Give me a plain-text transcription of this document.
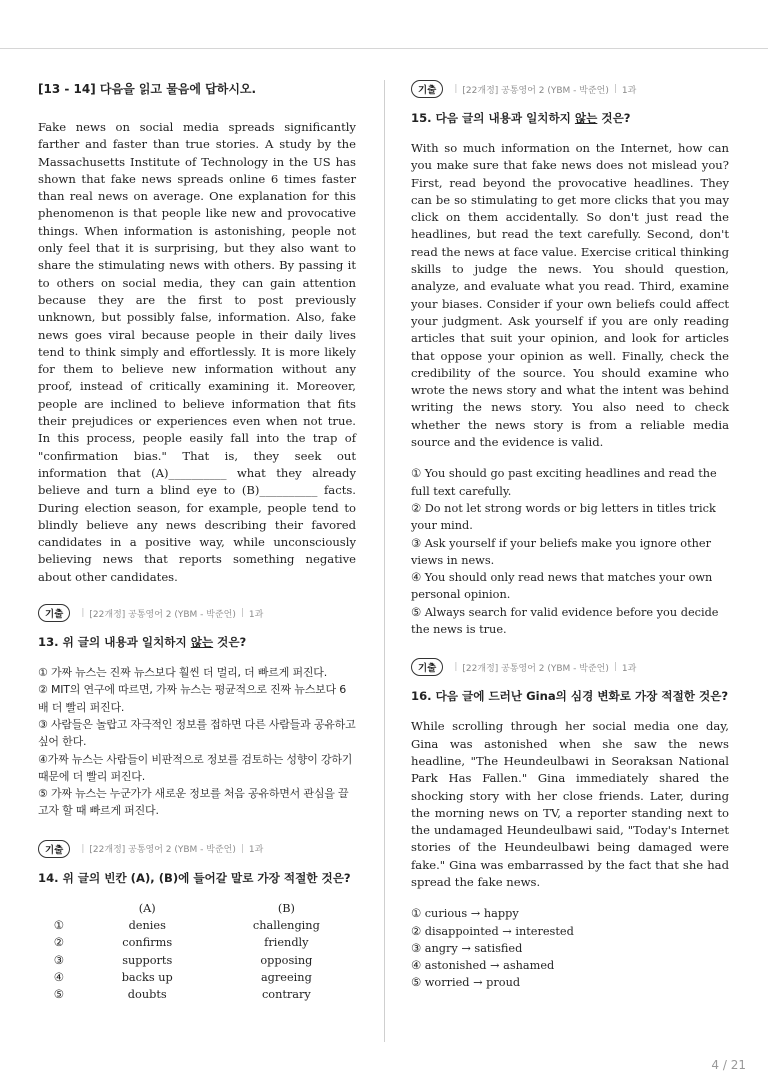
[13 - 14] 다음을 읽고 물음에 답하시오.

Fake news on social media spreads significantly farther and faster than true stories. A study by the Massachusetts Institute of Technology in the US has shown that fake news spreads online 6 times faster than real news on average. One explanation for this phenomenon is that people like new and provocative things. When information is astonishing, people not only feel that it is surprising, but they also want to share the stimulating news with others. By passing it to others on social media, they can gain attention because they are the first to post previously unknown, but possibly false, information. Also, fake news goes viral because people in their daily lives tend to think simply and effortlessly. It is more likely for them to believe new information without any proof, instead of critically examining it. Moreover, people are inclined to believe information that fits their prejudices or experiences even when not true. In this process, people easily fall into the trap of "confirmation bias." That is, they seek out information that (A)__________ what they already believe and turn a blind eye to (B)__________ facts. During election season, for example, people tend to blindly believe any news describing their favored candidates in a positive way, while unconsciously believing news that reports something negative about other candidates.

기출	| [22개정] 공통영어 2 (YBM - 박준언) | 1과
13. 위 글의 내용과 일치하지 않는 것은?
① 가짜 뉴스는 진짜 뉴스보다 훨씬 더 멀리, 더 빠르게 퍼진다.
② MIT의 연구에 따르면, 가짜 뉴스는 평균적으로 진짜 뉴스보다 6배 더 빨리 퍼진다.
③ 사람들은 놀랍고 자극적인 정보를 접하면 다른 사람들과 공유하고 싶어 한다.
④가짜 뉴스는 사람들이 비판적으로 정보를 검토하는 성향이 강하기 때문에 더 빨리 퍼진다.
⑤ 가짜 뉴스는 누군가가 새로운 정보를 처음 공유하면서 관심을 끌고자 할 때 빠르게 퍼진다.
기출	| [22개정] 공통영어 2 (YBM - 박준언) | 1과
14. 위 글의 빈칸 (A), (B)에 들어갈 말로 가장 적절한 것은?
	(A)	(B)
①	denies	challenging
②	confirms	friendly
③	supports	opposing
④	backs up	agreeing
⑤	doubts	contrary
기출	| [22개정] 공통영어 2 (YBM - 박준언) | 1과
15. 다음 글의 내용과 일치하지 않는 것은?

With so much information on the Internet, how can you make sure that fake news does not mislead you? First, read beyond the provocative headlines. They can be so stimulating to get more clicks that you may click on them accidentally. So don't just read the headlines, but read the text carefully. Second, don't read the news at face value. Exercise critical thinking skills to judge the news. You should question, analyze, and evaluate what you read. Third, examine your biases. Consider if your own beliefs could affect your judgment. Ask yourself if you are only reading articles that suit your opinion, and look for articles that oppose your opinion as well. Finally, check the credibility of the source. You should examine who wrote the news story and what the intent was behind writing the news story. You also need to check whether the news story is from a reliable media source and the evidence is valid.

① You should go past exciting headlines and read the full text carefully.
② Do not let strong words or big letters in titles trick your mind.
③ Ask yourself if your beliefs make you ignore other views in news.
④ You should only read news that matches your own personal opinion.
⑤ Always search for valid evidence before you decide the news is true.
기출	| [22개정] 공통영어 2 (YBM - 박준언) | 1과
16. 다음 글에 드러난 Gina의 심경 변화로 가장 적절한 것은?

While scrolling through her social media one day, Gina was astonished when she saw the news headline, "The Heundeulbawi in Seoraksan National Park Has Fallen." Gina immediately shared the shocking story with her close friends. Later, during the morning news on TV, a reporter standing next to the undamaged Heundeulbawi said, "Today's Internet stories of the Heundeulbawi being damaged were fake." Gina was embarrassed by the fact that she had spread the fake news.

① curious → happy
② disappointed → interested
③ angry → satisfied
④ astonished → ashamed
⑤ worried → proud
4 / 21
